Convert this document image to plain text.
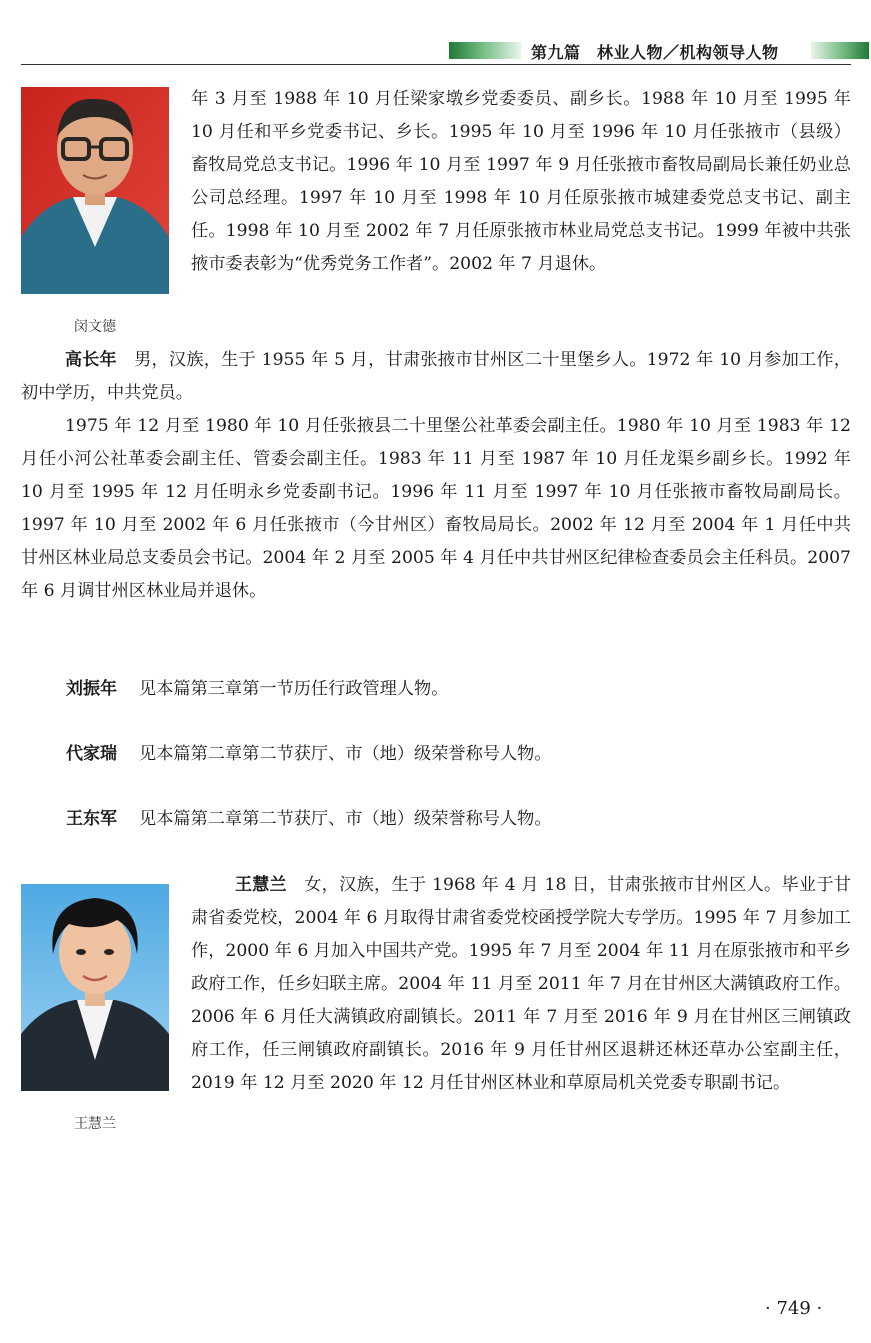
第九篇　林业人物／机构领导人物
闵文德

年 3 月至 1988 年 10 月任梁家墩乡党委委员、副乡长。1988 年 10 月至 1995 年 10 月任和平乡党委书记、乡长。1995 年 10 月至 1996 年 10 月任张掖市（县级）畜牧局党总支书记。1996 年 10 月至 1997 年 9 月任张掖市畜牧局副局长兼任奶业总公司总经理。1997 年 10 月至 1998 年 10 月任原张掖市城建委党总支书记、副主任。1998 年 10 月至 2002 年 7 月任原张掖市林业局党总支书记。1999 年被中共张掖市委表彰为“优秀党务工作者”。2002 年 7 月退休。

高长年　 男，汉族，生于 1955 年 5 月，甘肃张掖市甘州区二十里堡乡人。1972 年 10 月参加工作，初中学历，中共党员。

1975 年 12 月至 1980 年 10 月任张掖县二十里堡公社革委会副主任。1980 年 10 月至 1983 年 12 月任小河公社革委会副主任、管委会副主任。1983 年 11 月至 1987 年 10 月任龙渠乡副乡长。1992 年 10 月至 1995 年 12 月任明永乡党委副书记。1996 年 11 月至 1997 年 10 月任张掖市畜牧局副局长。1997 年 10 月至 2002 年 6 月任张掖市（今甘州区）畜牧局局长。2002 年 12 月至 2004 年 1 月任中共甘州区林业局总支委员会书记。2004 年 2 月至 2005 年 4 月任中共甘州区纪律检查委员会主任科员。2007 年 6 月调甘州区林业局并退休。

刘振年 见本篇第三章第一节历任行政管理人物。
代家瑞 见本篇第二章第二节获厅、市（地）级荣誉称号人物。
王东军 见本篇第二章第二节获厅、市（地）级荣誉称号人物。
王慧兰

王慧兰　 女，汉族，生于 1968 年 4 月 18 日，甘肃张掖市甘州区人。毕业于甘肃省委党校，2004 年 6 月取得甘肃省委党校函授学院大专学历。1995 年 7 月参加工作，2000 年 6 月加入中国共产党。1995 年 7 月至 2004 年 11 月在原张掖市和平乡政府工作，任乡妇联主席。2004 年 11 月至 2011 年 7 月在甘州区大满镇政府工作。2006 年 6 月任大满镇政府副镇长。2011 年 7 月至 2016 年 9 月在甘州区三闸镇政府工作，任三闸镇政府副镇长。2016 年 9 月任甘州区退耕还林还草办公室副主任，2019 年 12 月至 2020 年 12 月任甘州区林业和草原局机关党委专职副书记。

· 749 ·
